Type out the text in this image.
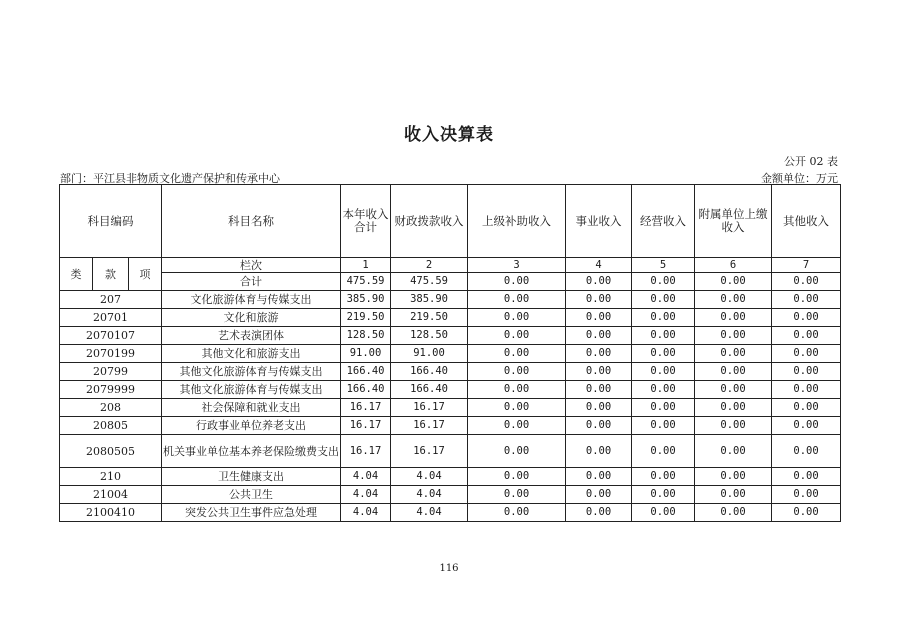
收入决算表
公开 02 表
部门：平江县非物质文化遗产保护和传承中心	金额单位：万元
科目编码			科目名称	本年收入合计	财政拨款收入	上级补助收入	事业收入	经营收入	附属单位上缴收入	其他收入
类	款	项	栏次	1	2	3	4	5	6	7
			合计	475.59	475.59	0.00	0.00	0.00	0.00	0.00
207			文化旅游体育与传媒支出	385.90	385.90	0.00	0.00	0.00	0.00	0.00
20701			文化和旅游	219.50	219.50	0.00	0.00	0.00	0.00	0.00
2070107			艺术表演团体	128.50	128.50	0.00	0.00	0.00	0.00	0.00
2070199			其他文化和旅游支出	91.00	91.00	0.00	0.00	0.00	0.00	0.00
20799			其他文化旅游体育与传媒支出	166.40	166.40	0.00	0.00	0.00	0.00	0.00
2079999			其他文化旅游体育与传媒支出	166.40	166.40	0.00	0.00	0.00	0.00	0.00
208			社会保障和就业支出	16.17	16.17	0.00	0.00	0.00	0.00	0.00
20805			行政事业单位养老支出	16.17	16.17	0.00	0.00	0.00	0.00	0.00
2080505			机关事业单位基本养老保险缴费支出	16.17	16.17	0.00	0.00	0.00	0.00	0.00
210			卫生健康支出	4.04	4.04	0.00	0.00	0.00	0.00	0.00
21004			公共卫生	4.04	4.04	0.00	0.00	0.00	0.00	0.00
2100410			突发公共卫生事件应急处理	4.04	4.04	0.00	0.00	0.00	0.00	0.00
116
